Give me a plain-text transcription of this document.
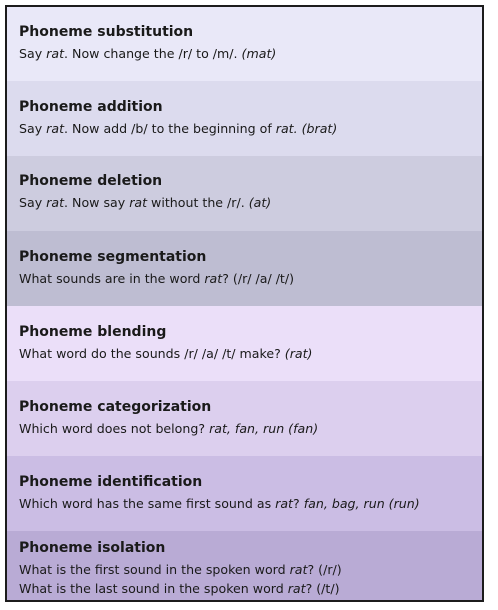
Phoneme substitution
Say rat. Now change the /r/ to /m/. (mat)
Phoneme addition
Say rat. Now add /b/ to the beginning of rat. (brat)
Phoneme deletion
Say rat. Now say rat without the /r/. (at)
Phoneme segmentation
What sounds are in the word rat? (/r/ /a/ /t/)
Phoneme blending
What word do the sounds /r/ /a/ /t/ make? (rat)
Phoneme categorization
Which word does not belong? rat, fan, run (fan)
Phoneme identification
Which word has the same first sound as rat? fan, bag, run (run)
Phoneme isolation
What is the first sound in the spoken word rat? (/r/)
What is the last sound in the spoken word rat? (/t/)
